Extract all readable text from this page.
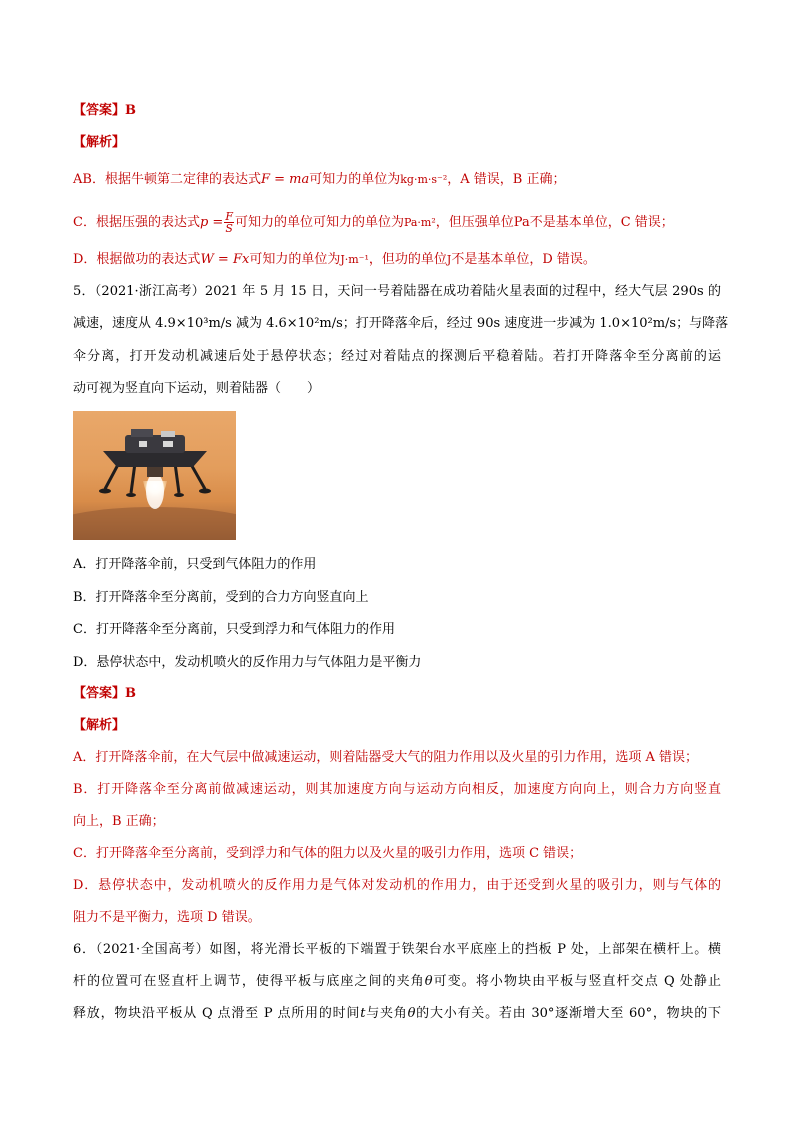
【答案】B
【解析】
AB．根据牛顿第二定律的表达式F = ma可知力的单位为kg·m·s⁻²，A 错误，B 正确；
C．根据压强的表达式$p = \frac{F}{S}$ 可知力的单位可知力的单位为Pa·m²，但压强单位Pa不是基本单位，C 错误；
D．根据做功的表达式W = Fx可知力的单位为J·m⁻¹，但功的单位J不是基本单位，D 错误。
5．（2021·浙江高考）2021 年 5 月 15 日，天问一号着陆器在成功着陆火星表面的过程中，经大气层 290s 的
减速，速度从 4.9×10³m/s 减为 4.6×10²m/s；打开降落伞后，经过 90s 速度进一步减为 1.0×10²m/s；与降落
伞分离，打开发动机减速后处于悬停状态；经过对着陆点的探测后平稳着陆。若打开降落伞至分离前的运
动可视为竖直向下运动，则着陆器（　　）
A．打开降落伞前，只受到气体阻力的作用
B．打开降落伞至分离前，受到的合力方向竖直向上
C．打开降落伞至分离前，只受到浮力和气体阻力的作用
D．悬停状态中，发动机喷火的反作用力与气体阻力是平衡力
【答案】B
【解析】
A．打开降落伞前，在大气层中做减速运动，则着陆器受大气的阻力作用以及火星的引力作用，选项 A 错误；
B．打开降落伞至分离前做减速运动，则其加速度方向与运动方向相反，加速度方向向上，则合力方向竖直
向上，B 正确；
C．打开降落伞至分离前，受到浮力和气体的阻力以及火星的吸引力作用，选项 C 错误；
D．悬停状态中，发动机喷火的反作用力是气体对发动机的作用力，由于还受到火星的吸引力，则与气体的
阻力不是平衡力，选项 D 错误。
6．（2021·全国高考）如图，将光滑长平板的下端置于铁架台水平底座上的挡板 P 处，上部架在横杆上。横
杆的位置可在竖直杆上调节，使得平板与底座之间的夹角θ可变。将小物块由平板与竖直杆交点 Q 处静止
释放，物块沿平板从 Q 点滑至 P 点所用的时间t与夹角θ的大小有关。若由 30°逐渐增大至 60°，物块的下
